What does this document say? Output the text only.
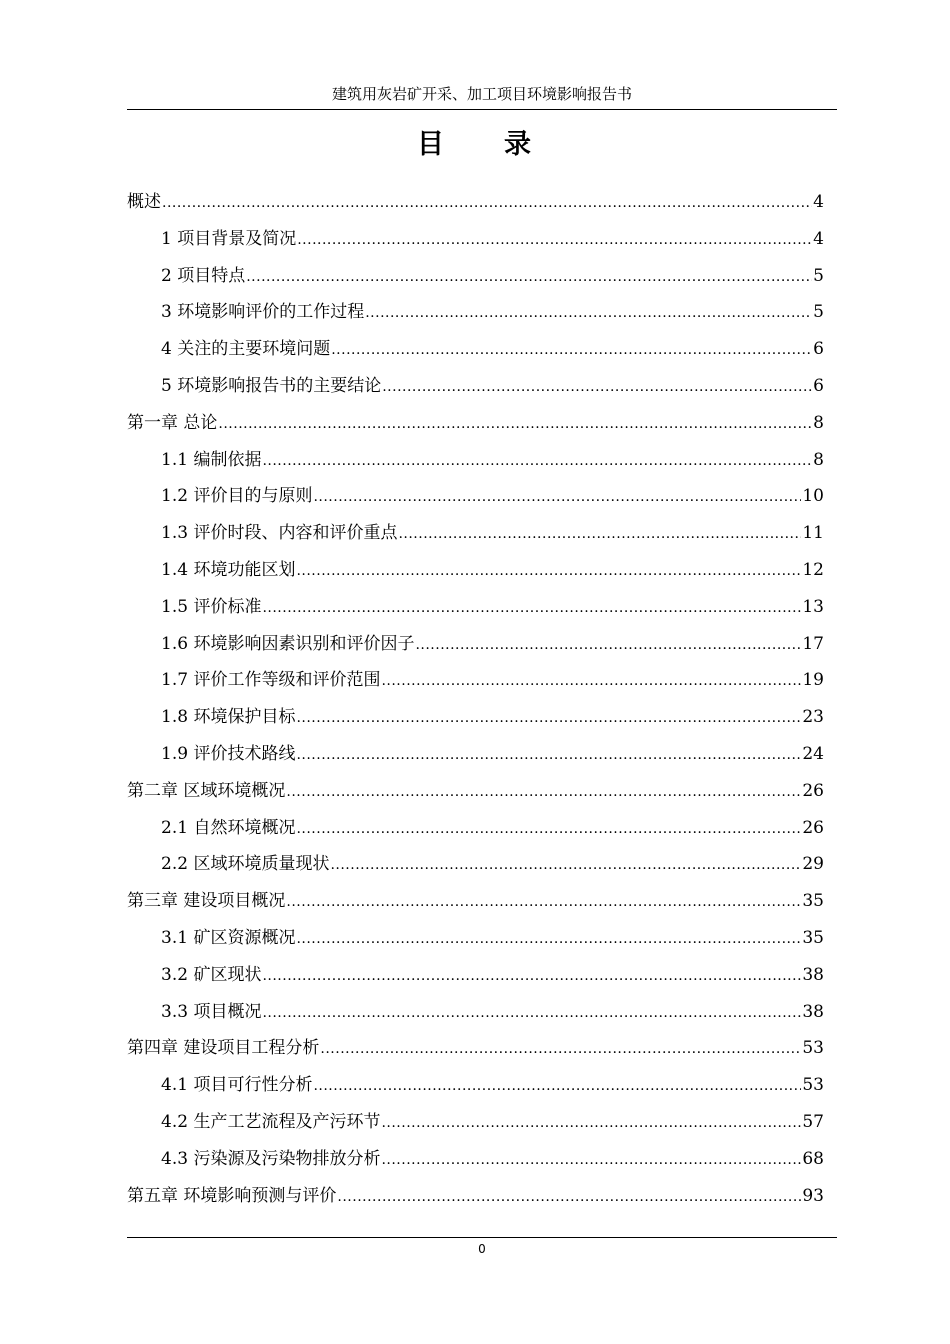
建筑用灰岩矿开采、加工项目环境影响报告书
目　　录
概述 .....	4
1 项目背景及简况 .....	4
2 项目特点 .....	5
3 环境影响评价的工作过程 .....	5
4 关注的主要环境问题 .....	6
5 环境影响报告书的主要结论 .....	6
第一章 总论 .....	8
1.1 编制依据 .....	8
1.2 评价目的与原则 .....	10
1.3 评价时段、内容和评价重点 .....	11
1.4 环境功能区划 .....	12
1.5 评价标准 .....	13
1.6 环境影响因素识别和评价因子 .....	17
1.7 评价工作等级和评价范围 .....	19
1.8 环境保护目标 .....	23
1.9 评价技术路线 .....	24
第二章 区域环境概况 .....	26
2.1 自然环境概况 .....	26
2.2 区域环境质量现状 .....	29
第三章 建设项目概况 .....	35
3.1 矿区资源概况 .....	35
3.2 矿区现状 .....	38
3.3 项目概况 .....	38
第四章 建设项目工程分析 .....	53
4.1 项目可行性分析 .....	53
4.2 生产工艺流程及产污环节 .....	57
4.3 污染源及污染物排放分析 .....	68
第五章 环境影响预测与评价 .....	93
0
